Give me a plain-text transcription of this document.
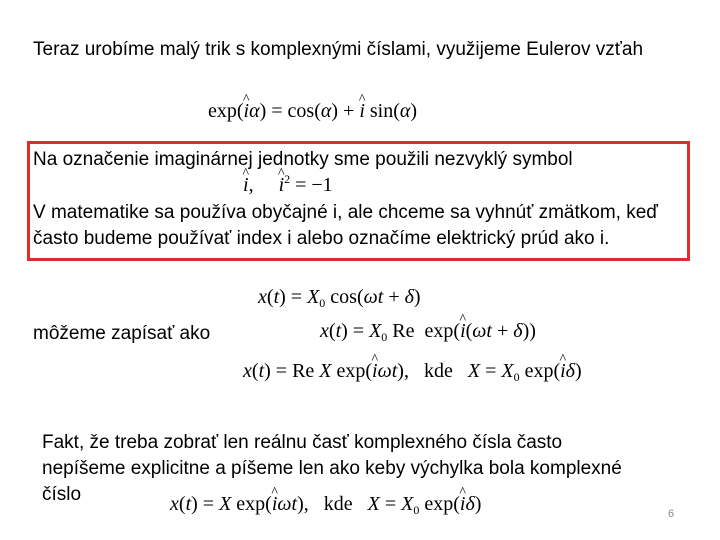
Teraz urobíme malý trik s komplexnými číslami, využijeme Eulerov vzťah
exp(^ iα) = cos(α) + ^ i sin(α)
Na označenie imaginárnej jednotky sme použili nezvyklý symbol
^ i,     ^ $i^2 = -1$
V matematike sa používa obyčajné i, ale chceme sa vyhnúť zmätkom, keď
často budeme používať index i alebo označíme elektrický prúd ako i.
$x(t) = X_0$ cos(ωt + δ)
môžeme zapísať ako	$x(t) = X_0$ Re  exp(^ i(ωt + δ))
x(t) = Re X exp(^ iωt),   kde   $X = X_0$ exp(^ iδ)
Fakt, že treba zobrať len reálnu časť komplexného čísla často
nepíšeme explicitne a píšeme len ako keby výchylka bola komplexné
číslo	x(t) = X exp(^ iωt),   kde   $X = X_0$ exp(^ iδ)	6
